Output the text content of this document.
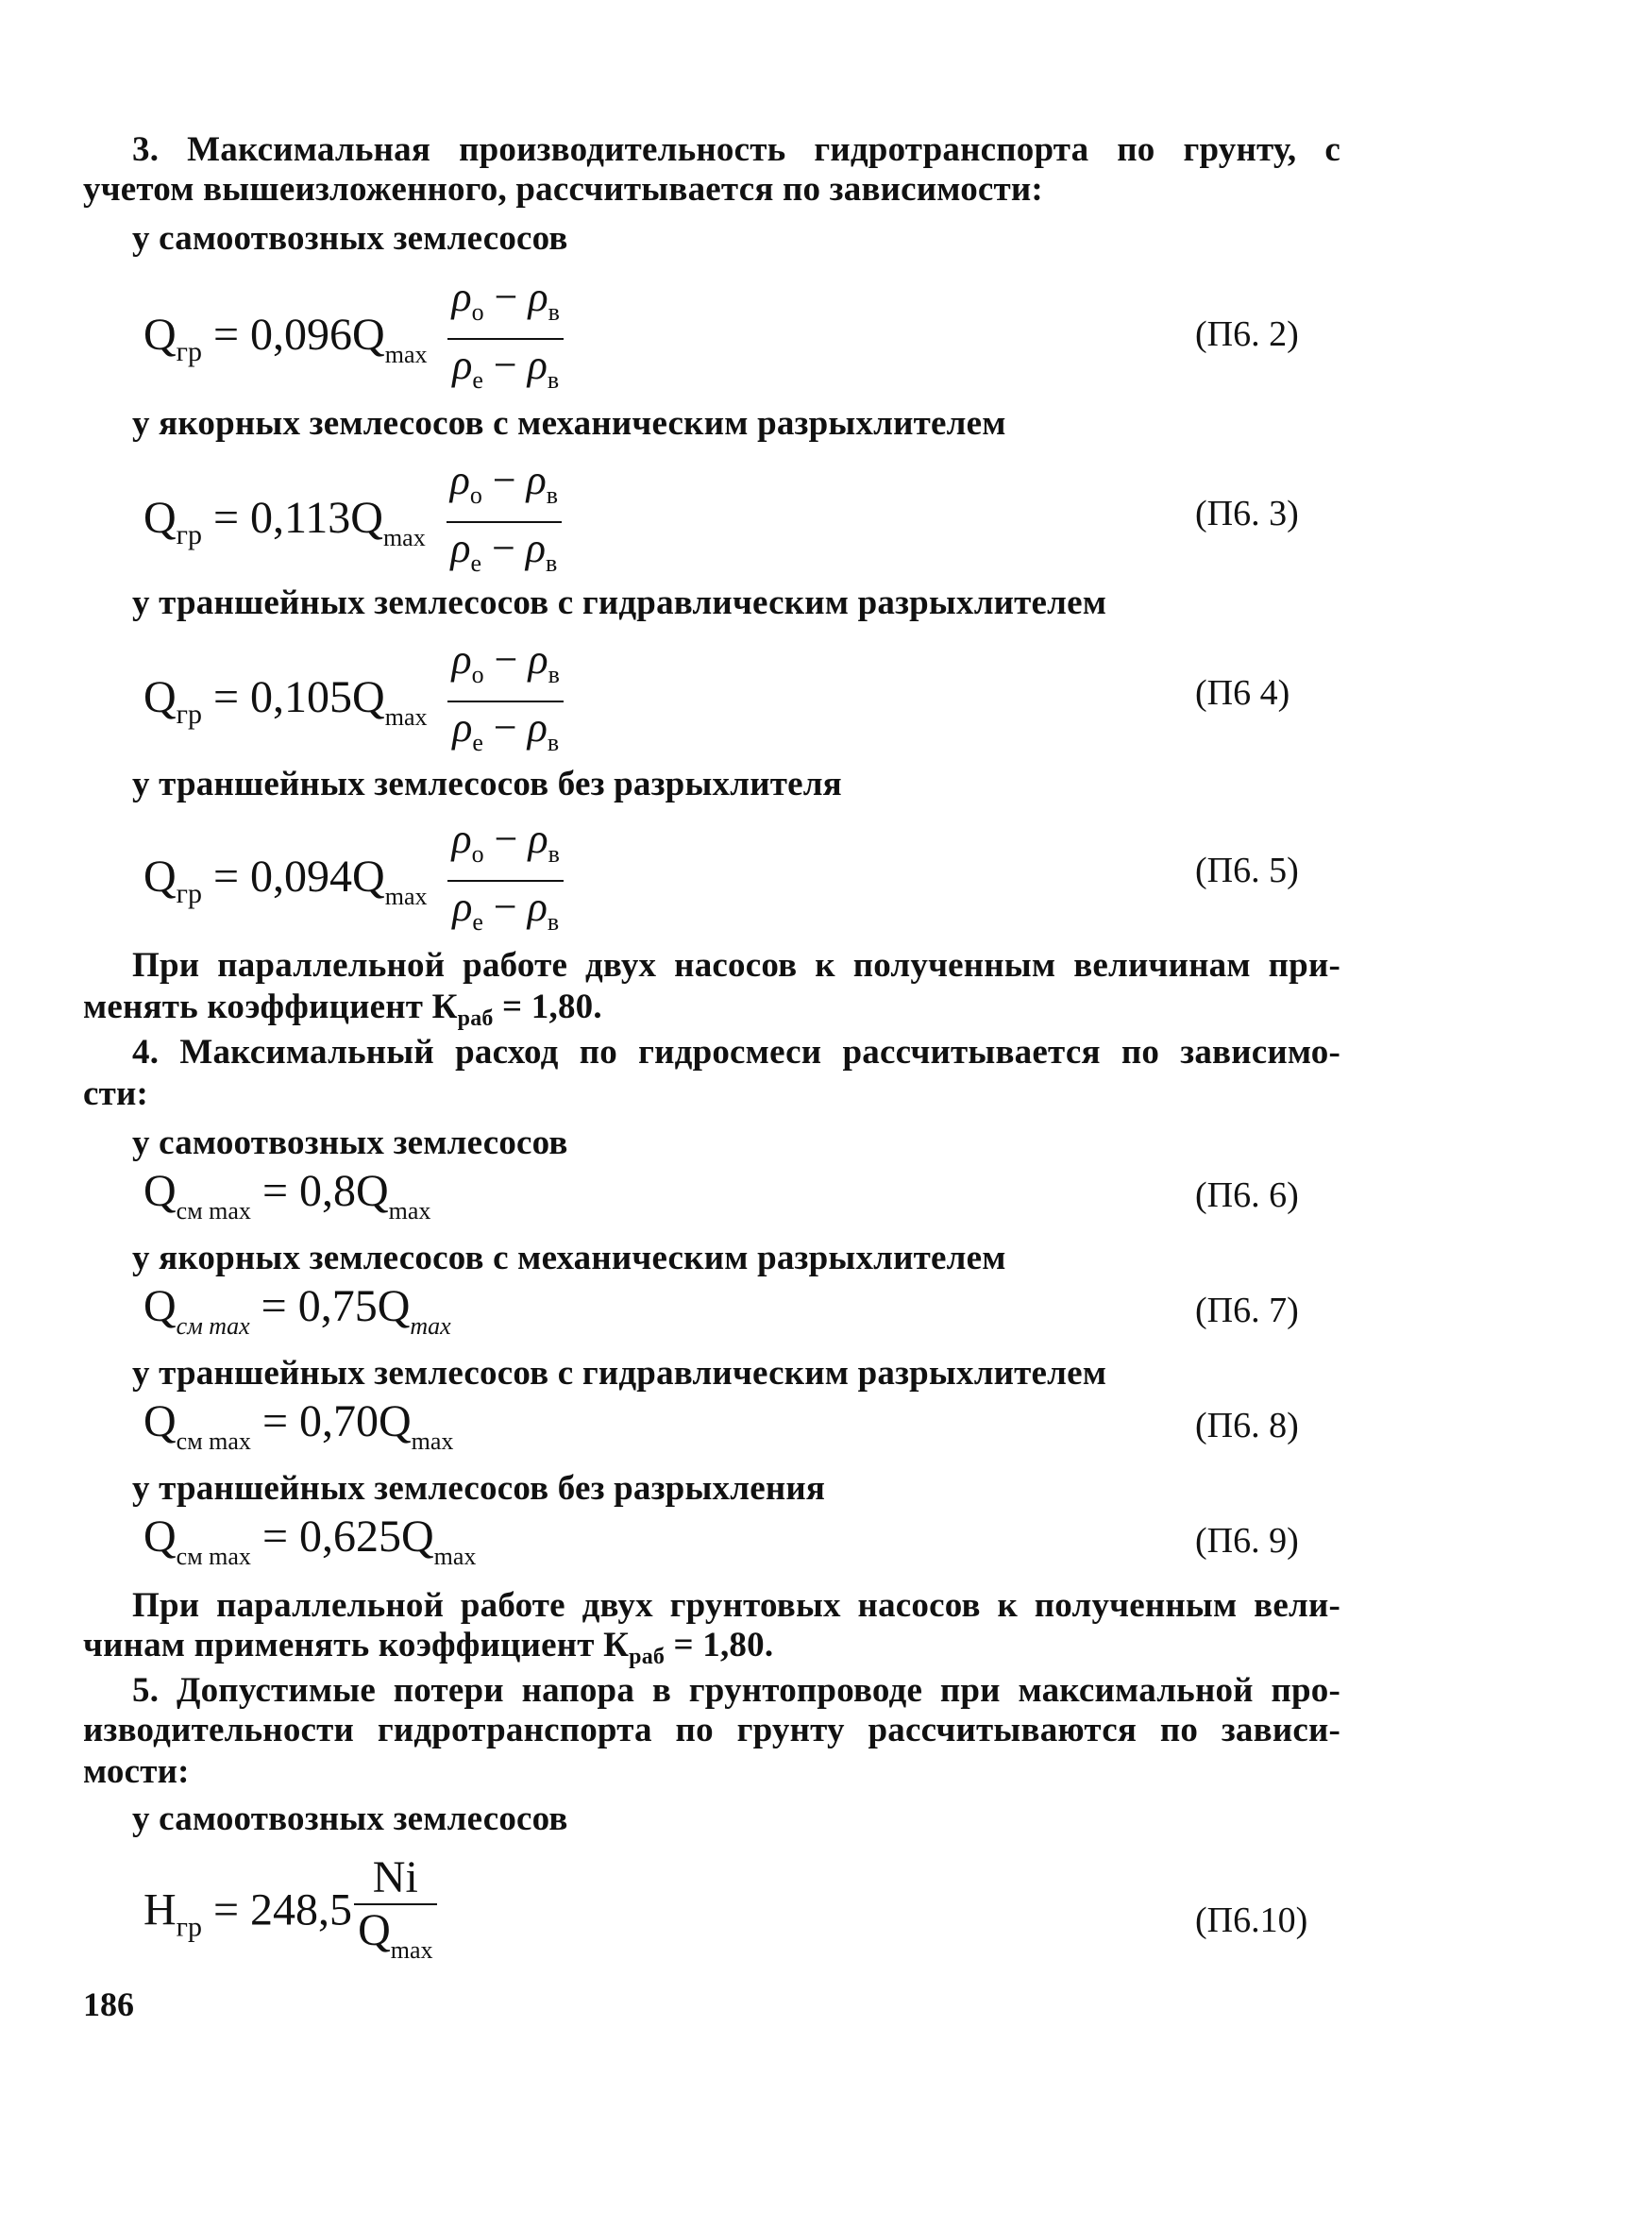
3. Максимальная производительность гидротранспорта по грунту, с
учетом вышеизложенного, рассчитывается по зависимости:
у самоотвозных землесосов
$Q_{гр} = 0,096Q_{max} \frac{\rho_о - \rho_в}{\rho_е - \rho_в}$	(П6. 2)
у якорных землесосов с механическим разрыхлителем
$Q_{гр} = 0,113Q_{max} \frac{\rho_о - \rho_в}{\rho_е - \rho_в}$	(П6. 3)
у траншейных землесосов с гидравлическим разрыхлителем
$Q_{гр} = 0,105Q_{max} \frac{\rho_о - \rho_в}{\rho_е - \rho_в}$	(П6 4)
у траншейных землесосов без разрыхлителя
$Q_{гр} = 0,094Q_{max} \frac{\rho_о - \rho_в}{\rho_е - \rho_в}$	(П6. 5)
При параллельной работе двух насосов к полученным величинам при-
менять коэффициент $К_{раб} = 1,80$.
4. Максимальный расход по гидросмеси рассчитывается по зависимо-
сти:
у самоотвозных землесосов
$Q_{см max} = 0,8Q_{max}$	(П6. 6)
у якорных землесосов с механическим разрыхлителем
$Q_{см max} = 0,75Q_{max}$	(П6. 7)
у траншейных землесосов с гидравлическим разрыхлителем
$Q_{см max} = 0,70Q_{max}$	(П6. 8)
у траншейных землесосов без разрыхления
$Q_{см max} = 0,625Q_{max}$	(П6. 9)
При параллельной работе двух грунтовых насосов к полученным вели-
чинам применять коэффициент $К_{раб} = 1,80$.
5. Допустимые потери напора в грунтопроводе при максимальной про-
изводительности гидротранспорта по грунту рассчитываются по зависи-
мости:
у самоотвозных землесосов
$H_{гр} = 248,5 \frac{Ni}{Q_{max}}$	(П6.10)
186
